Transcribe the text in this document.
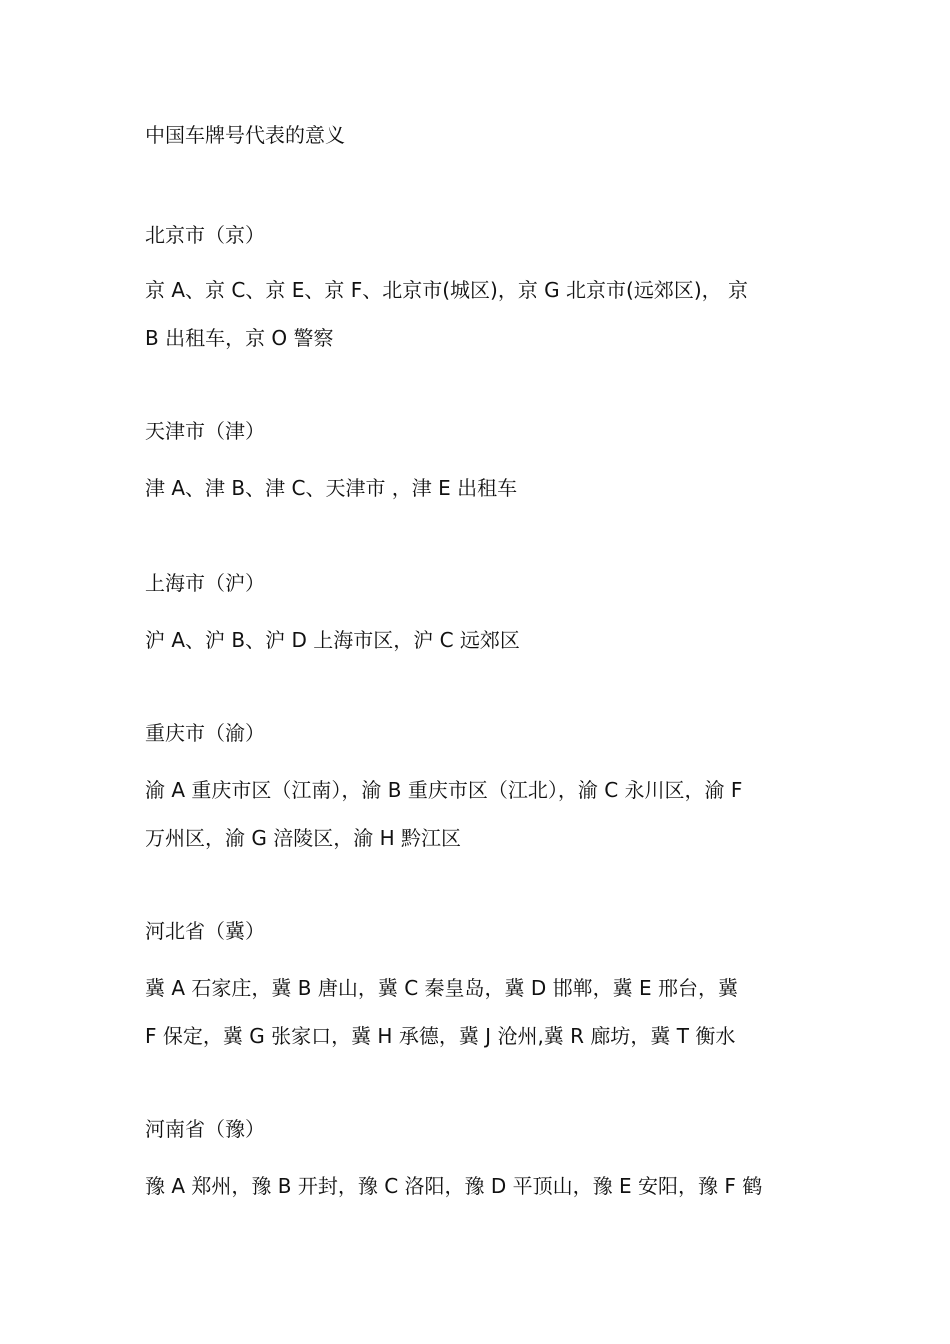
中国车牌号代表的意义

北京市（京）

京 A、京 C、京 E、京 F、北京市(城区)，京 G 北京市(远郊区)， 京

B 出租车，京 O 警察

天津市（津）

津 A、津 B、津 C、天津市 ，津 E 出租车

上海市（沪）

沪 A、沪 B、沪 D 上海市区，沪 C 远郊区

重庆市（渝）

渝 A 重庆市区（江南），渝 B 重庆市区（江北），渝 C 永川区，渝 F

万州区，渝 G 涪陵区，渝 H 黔江区

河北省（冀）

冀 A 石家庄，冀 B 唐山，冀 C 秦皇岛，冀 D 邯郸，冀 E 邢台，冀

F 保定，冀 G 张家口，冀 H 承德，冀 J 沧州,冀 R 廊坊，冀 T 衡水

河南省（豫）

豫 A 郑州，豫 B 开封，豫 C 洛阳，豫 D 平顶山，豫 E 安阳，豫 F 鹤
